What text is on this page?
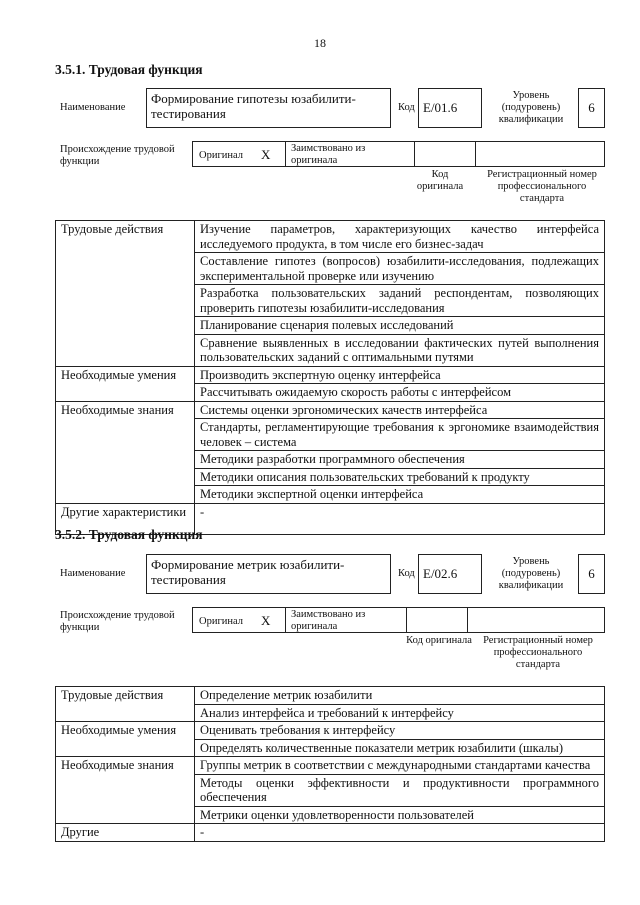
18
3.5.1. Трудовая функция
Наименование
Формирование гипотезы юзабилити-тестирования	Код E/01.6
Уровень (подуровень) квалификации
6
Происхождение трудовой функции
Оригинал X Заимствовано из оригинала
Код оригинала
Регистрационный номер профессионального стандарта
Трудовые действия	Изучение параметров, характеризующих качество интерфейса исследуемого продукта, в том числе его бизнес-задач
	Составление гипотез (вопросов) юзабилити-исследования, подлежащих экспериментальной проверке или изучению
	Разработка пользовательских заданий респондентам, позволяющих проверить гипотезы юзабилити-исследования
	Планирование сценария полевых исследований
	Сравнение выявленных в исследовании фактических путей выполнения пользовательских заданий с оптимальными путями
Необходимые умения	Производить экспертную оценку интерфейса
	Рассчитывать ожидаемую скорость работы с интерфейсом
Необходимые знания	Системы оценки эргономических качеств интерфейса
	Стандарты, регламентирующие требования к эргономике взаимодействия человек – система
	Методики разработки программного обеспечения
	Методики описания пользовательских требований к продукту
	Методики экспертной оценки интерфейса
Другие характеристики	-
3.5.2. Трудовая функция
Наименование
Формирование метрик юзабилити-тестирования	Код E/02.6
Уровень (подуровень) квалификации
6
Происхождение трудовой функции
Оригинал X Заимствовано из оригинала
Код оригинала	Регистрационный номер профессионального стандарта
Трудовые действия	Определение метрик юзабилити
	Анализ интерфейса и требований к интерфейсу
Необходимые умения	Оценивать требования к интерфейсу
	Определять количественные показатели метрик юзабилити (шкалы)
Необходимые знания	Группы метрик в соответствии с международными стандартами качества
	Методы оценки эффективности и продуктивности программного обеспечения
	Метрики оценки удовлетворенности пользователей
Другие	-
